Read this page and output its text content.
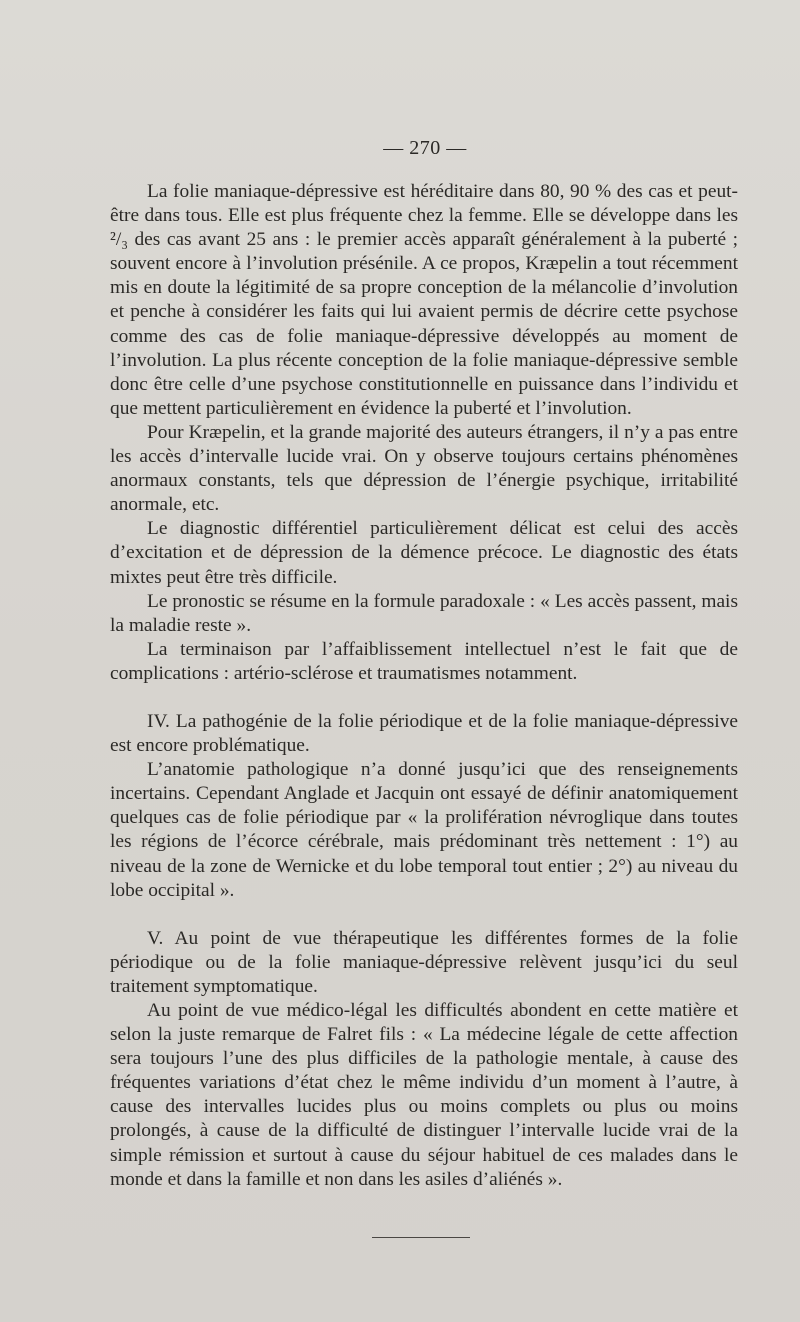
— 270 —

La folie maniaque-dépressive est héréditaire dans 80, 90 % des cas et peut-être dans tous. Elle est plus fréquente chez la femme. Elle se développe dans les ²/₃ des cas avant 25 ans : le premier accès apparaît généralement à la puberté ; souvent encore à l’involution présénile. A ce propos, Kræpelin a tout récemment mis en doute la légitimité de sa propre conception de la mélancolie d’involution et penche à considérer les faits qui lui avaient permis de décrire cette psychose comme des cas de folie maniaque-dépressive développés au moment de l’involution. La plus récente conception de la folie maniaque-dépressive semble donc être celle d’une psychose constitutionnelle en puissance dans l’individu et que mettent particulièrement en évidence la puberté et l’involution.

Pour Kræpelin, et la grande majorité des auteurs étrangers, il n’y a pas entre les accès d’intervalle lucide vrai. On y observe toujours certains phénomènes anormaux constants, tels que dépression de l’énergie psychique, irritabilité anormale, etc.

Le diagnostic différentiel particulièrement délicat est celui des accès d’excitation et de dépression de la démence précoce. Le diagnostic des états mixtes peut être très difficile.

Le pronostic se résume en la formule paradoxale : « Les accès passent, mais la maladie reste ».

La terminaison par l’affaiblissement intellectuel n’est le fait que de complications : artério-sclérose et traumatismes notamment.

IV. La pathogénie de la folie périodique et de la folie maniaque-dépressive est encore problématique.

L’anatomie pathologique n’a donné jusqu’ici que des renseignements incertains. Cependant Anglade et Jacquin ont essayé de définir anatomiquement quelques cas de folie périodique par « la prolifération névroglique dans toutes les régions de l’écorce cérébrale, mais prédominant très nettement : 1°) au niveau de la zone de Wernicke et du lobe temporal tout entier ; 2°) au niveau du lobe occipital ».

V. Au point de vue thérapeutique les différentes formes de la folie périodique ou de la folie maniaque-dépressive relèvent jusqu’ici du seul traitement symptomatique.

Au point de vue médico-légal les difficultés abondent en cette matière et selon la juste remarque de Falret fils : « La médecine légale de cette affection sera toujours l’une des plus difficiles de la pathologie mentale, à cause des fréquentes variations d’état chez le même individu d’un moment à l’autre, à cause des intervalles lucides plus ou moins complets ou plus ou moins prolongés, à cause de la difficulté de distinguer l’intervalle lucide vrai de la simple rémission et surtout à cause du séjour habituel de ces malades dans le monde et dans la famille et non dans les asiles d’aliénés ».
